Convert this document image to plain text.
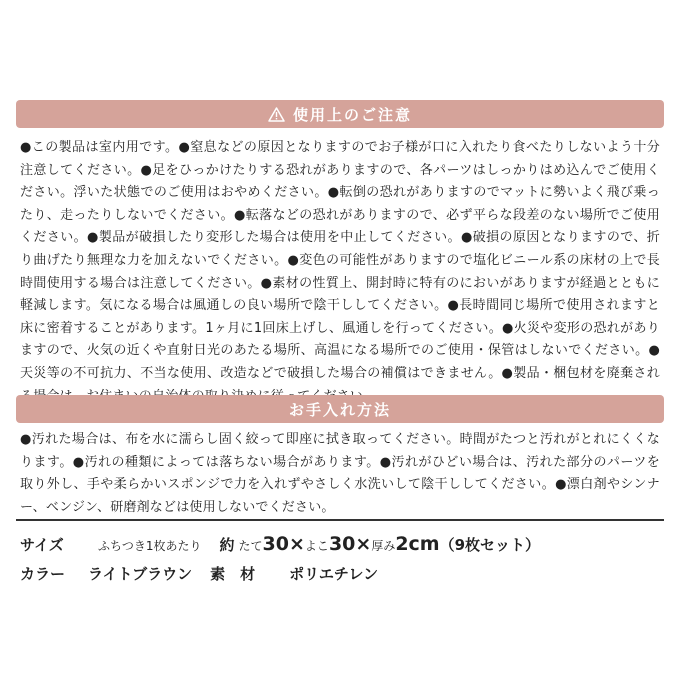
使用上のご注意

●この製品は室内用です。●窒息などの原因となりますのでお子様が口に入れたり食べたりしないよう十分注意してください。●足をひっかけたりする恐れがありますので、各パーツはしっかりはめ込んでご使用ください。浮いた状態でのご使用はおやめください。●転倒の恐れがありますのでマットに勢いよく飛び乗ったり、走ったりしないでください。●転落などの恐れがありますので、必ず平らな段差のない場所でご使用ください。●製品が破損したり変形した場合は使用を中止してください。●破損の原因となりますので、折り曲げたり無理な力を加えないでください。●変色の可能性がありますので塩化ビニール系の床材の上で長時間使用する場合は注意してください。●素材の性質上、開封時に特有のにおいがありますが経過とともに軽減します。気になる場合は風通しの良い場所で陰干ししてください。●長時間同じ場所で使用されますと床に密着することがあります。1ヶ月に1回床上げし、風通しを行ってください。●火災や変形の恐れがありますので、火気の近くや直射日光のあたる場所、高温になる場所でのご使用・保管はしないでください。●天災等の不可抗力、不当な使用、改造などで破損した場合の補償はできません。●製品・梱包材を廃棄され

お手入れ方法

●汚れた場合は、布を水に濡らし固く絞って即座に拭き取ってください。時間がたつと汚れがとれにくくなります。●汚れの種類によっては落ちない場合があります。●汚れがひどい場合は、汚れた部分のパーツを取り外し、手や柔らかいスポンジで力を入れずやさしく水洗いして陰干ししてください。●漂白剤やシンナー、ベンジン、研磨剤などは使用しないでください。

サイズ	ふちつき1枚あたり 約 たて 30 × よこ 30 × 厚み 2cm （9枚セット）
カラー	ライトブラウン 素　材 ポリエチレン
